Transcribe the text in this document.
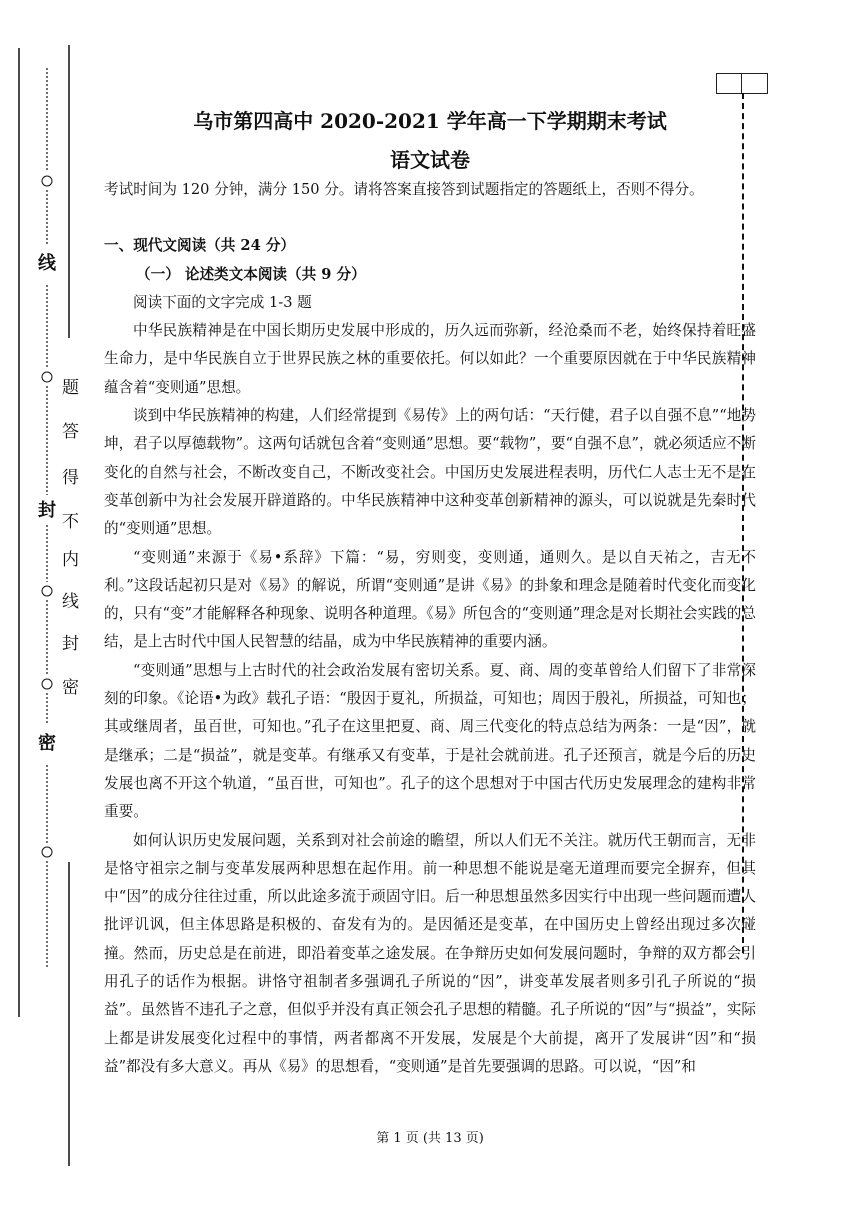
线
封
密
题
答
得
不
内
线
封
密
乌市第四高中 2020-2021 学年高一下学期期末考试
语文试卷

考试时间为 120 分钟，满分 150 分。请将答案直接答到试题指定的答题纸上，否则不得分。

一、现代文阅读（共 24 分）

（一） 论述类文本阅读（共 9 分）

阅读下面的文字完成 1-3 题

中华民族精神是在中国长期历史发展中形成的，历久远而弥新，经沧桑而不老，始终保持着旺盛生命力，是中华民族自立于世界民族之林的重要依托。何以如此？一个重要原因就在于中华民族精神蕴含着“变则通”思想。

谈到中华民族精神的构建，人们经常提到《易传》上的两句话：“天行健，君子以自强不息”“地势坤，君子以厚德载物”。这两句话就包含着“变则通”思想。要“载物”，要“自强不息”，就必须适应不断变化的自然与社会，不断改变自己，不断改变社会。中国历史发展进程表明，历代仁人志士无不是在变革创新中为社会发展开辟道路的。中华民族精神中这种变革创新精神的源头，可以说就是先秦时代的“变则通”思想。

“变则通”来源于《易•系辞》下篇：“易，穷则变，变则通，通则久。是以自天祐之，吉无不利。”这段话起初只是对《易》的解说，所谓“变则通”是讲《易》的卦象和理念是随着时代变化而变化的，只有“变”才能解释各种现象、说明各种道理。《易》所包含的“变则通”理念是对长期社会实践的总结，是上古时代中国人民智慧的结晶，成为中华民族精神的重要内涵。

“变则通”思想与上古时代的社会政治发展有密切关系。夏、商、周的变革曾给人们留下了非常深刻的印象。《论语•为政》载孔子语：“殷因于夏礼，所损益，可知也；周因于殷礼，所损益，可知也；其或继周者，虽百世，可知也。”孔子在这里把夏、商、周三代变化的特点总结为两条：一是“因”，就是继承；二是“损益”，就是变革。有继承又有变革，于是社会就前进。孔子还预言，就是今后的历史发展也离不开这个轨道，“虽百世，可知也”。孔子的这个思想对于中国古代历史发展理念的建构非常重要。

如何认识历史发展问题，关系到对社会前途的瞻望，所以人们无不关注。就历代王朝而言，无非是恪守祖宗之制与变革发展两种思想在起作用。前一种思想不能说是毫无道理而要完全摒弃，但其中“因”的成分往往过重，所以此途多流于顽固守旧。后一种思想虽然多因实行中出现一些问题而遭人批评讥讽，但主体思路是积极的、奋发有为的。是因循还是变革，在中国历史上曾经出现过多次碰撞。然而，历史总是在前进，即沿着变革之途发展。在争辩历史如何发展问题时，争辩的双方都会引用孔子的话作为根据。讲恪守祖制者多强调孔子所说的“因”，讲变革发展者则多引孔子所说的“损益”。虽然皆不违孔子之意，但似乎并没有真正领会孔子思想的精髓。孔子所说的“因”与“损益”，实际上都是讲发展变化过程中的事情，两者都离不开发展，发展是个大前提，离开了发展讲“因”和“损益”都没有多大意义。再从《易》的思想看，“变则通”是首先要强调的思路。可以说，“因”和

第 1 页 (共 13 页)
